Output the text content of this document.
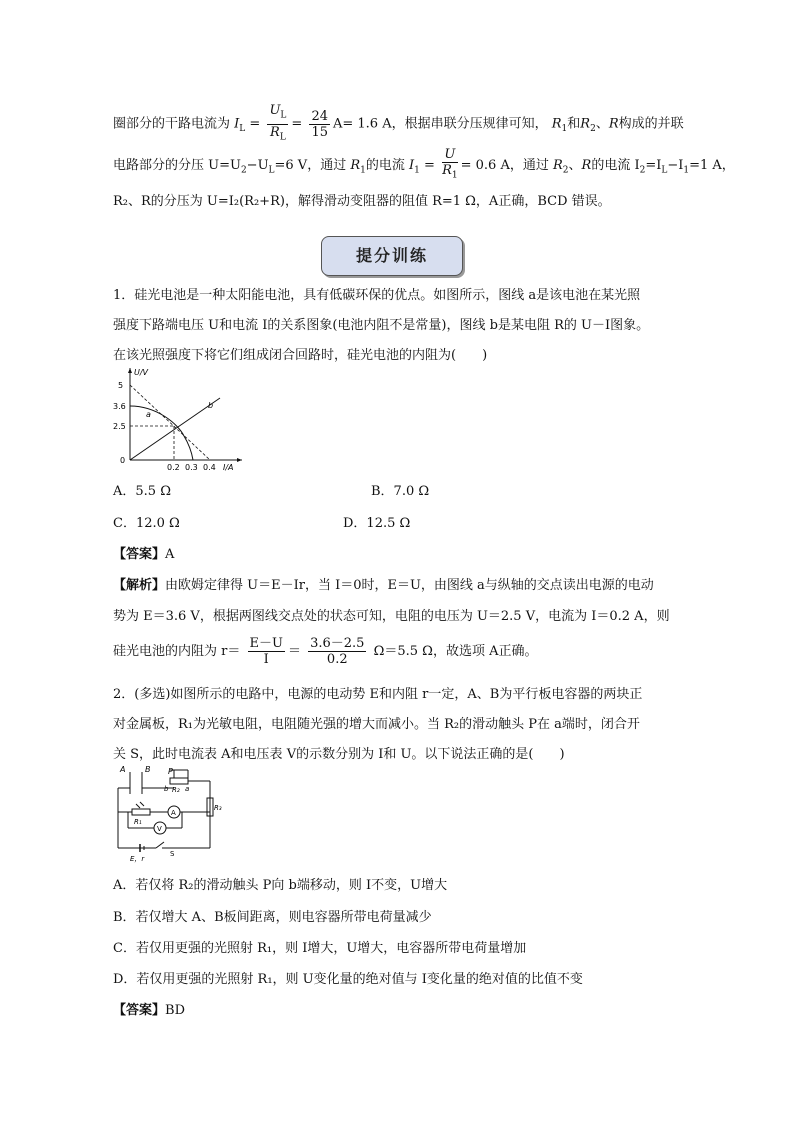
圈部分的干路电流为 $I_L = \frac{U_L}{R_L} = \frac{24}{15} A= 1.6$ A，根据串联分压规律可知， $R_1$和$R_2$、R构成的并联
电路部分的分压 $U=U_2-U_L=6$ V，通过 $R_1$的电流 $I_1 = \frac{U}{R_1} = 0.6$ A，通过 $R_2$、R的电流 $I_2=I_L-I_1=1$ A，
R₂、R的分压为 U=I₂(R₂+R)，解得滑动变阻器的阻值 R=1 Ω，A正确，BCD 错误。
提分训练
1．硅光电池是一种太阳能电池，具有低碳环保的优点。如图所示，图线 a是该电池在某光照
强度下路端电压 U和电流 I的关系图象(电池内阻不是常量)，图线 b是某电阻 R的 U－I图象。
在该光照强度下将它们组成闭合回路时，硅光电池的内阻为(　　)
U/V
I/A
5
3.6
2.5
0
0.2 0.3 0.4
a
b
A．5.5 Ω	B．7.0 Ω
C．12.0 Ω	D．12.5 Ω
【答案】A
【解析】由欧姆定律得 U＝E－Ir，当 I＝0时，E＝U，由图线 a与纵轴的交点读出电源的电动
势为 E＝3.6 V，根据两图线交点处的状态可知，电阻的电压为 U＝2.5 V，电流为 I＝0.2 A，则
硅光电池的内阻为 $r= \frac{E-U}{I} = \frac{3.6-2.5}{0.2} \Omega=5.5$ Ω，故选项 A正确。
2．(多选)如图所示的电路中，电源的电动势 E和内阻 r一定，A、B为平行板电容器的两块正
对金属板，R₁为光敏电阻，电阻随光强的增大而减小。当 R₂的滑动触头 P在 a端时，闭合开
关 S，此时电流表 A和电压表 V的示数分别为 I和 U。以下说法正确的是(　　)
A B P
b R₂ a
R₃
R₁
A
V
E，r
S
A．若仅将 R₂的滑动触头 P向 b端移动，则 I不变，U增大
B．若仅增大 A、B板间距离，则电容器所带电荷量减少
C．若仅用更强的光照射 R₁，则 I增大，U增大，电容器所带电荷量增加
D．若仅用更强的光照射 R₁，则 U变化量的绝对值与 I变化量的绝对值的比值不变
【答案】BD
